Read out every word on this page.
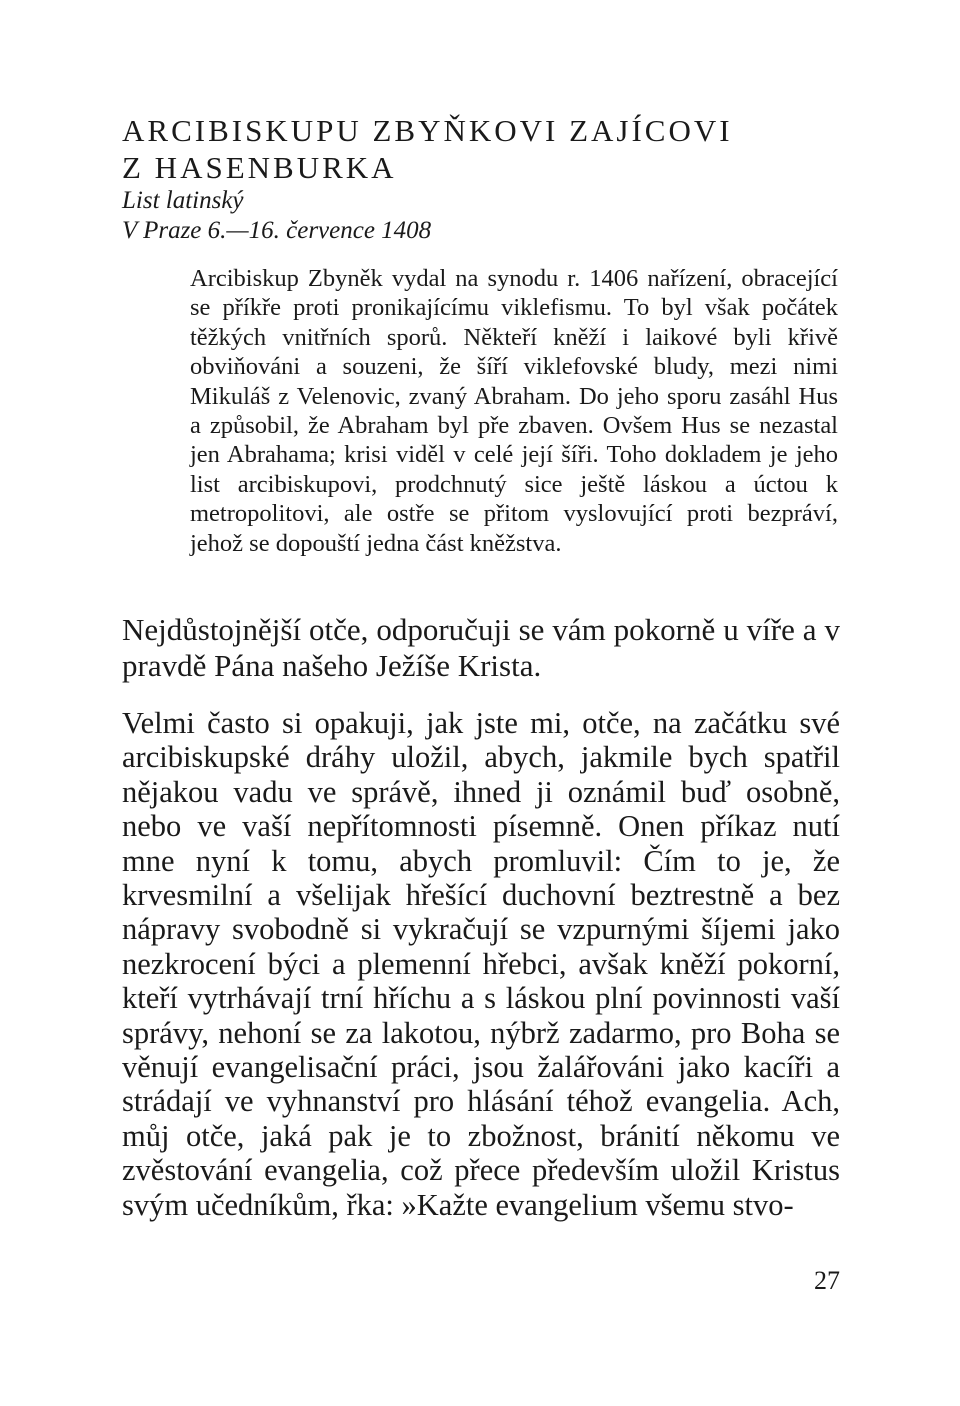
ARCIBISKUPU ZBYŇKOVI ZAJÍCOVI
Z HASENBURKA
List latinský
V Praze 6.—16. července 1408

Arcibiskup Zbyněk vydal na synodu r. 1406 nařízení, obracející se příkře proti pronikajícímu viklefismu. To byl však počátek těžkých vnitřních sporů. Někteří kněží i laikové byli křivě obviňováni a souzeni, že šíří viklefovské bludy, mezi nimi Mikuláš z Velenovic, zvaný Abraham. Do jeho sporu zasáhl Hus a způsobil, že Abraham byl pře zbaven. Ovšem Hus se nezastal jen Abrahama; krisi viděl v celé její šíři. Toho dokladem je jeho list arcibiskupovi, prodchnutý sice ještě láskou a úctou k metropolitovi, ale ostře se přitom vyslovující proti bezpráví, jehož se dopouští jedna část kněžstva.

Nejdůstojnější otče, odporučuji se vám pokorně u víře a v pravdě Pána našeho Ježíše Krista.

Velmi často si opakuji, jak jste mi, otče, na začátku své arcibiskupské dráhy uložil, abych, jakmile bych spatřil nějakou vadu ve správě, ihned ji oznámil buď osobně, nebo ve vaší nepřítomnosti písemně. Onen příkaz nutí mne nyní k tomu, abych promluvil: Čím to je, že krvesmilní a všelijak hřešící duchovní beztrestně a bez nápravy svobodně si vykračují se vzpurnými šíjemi jako nezkrocení býci a plemenní hřebci, avšak kněží pokorní, kteří vytrhávají trní hříchu a s láskou plní povinnosti vaší správy, nehoní se za lakotou, nýbrž zadarmo, pro Boha se věnují evangelisační práci, jsou žalářováni jako kacíři a strádají ve vyhnanství pro hlásání téhož evangelia. Ach, můj otče, jaká pak je to zbožnost, bránití někomu ve zvěstování evangelia, což přece především uložil Kristus svým učedníkům, řka: »Kažte evangelium všemu stvo-

27
